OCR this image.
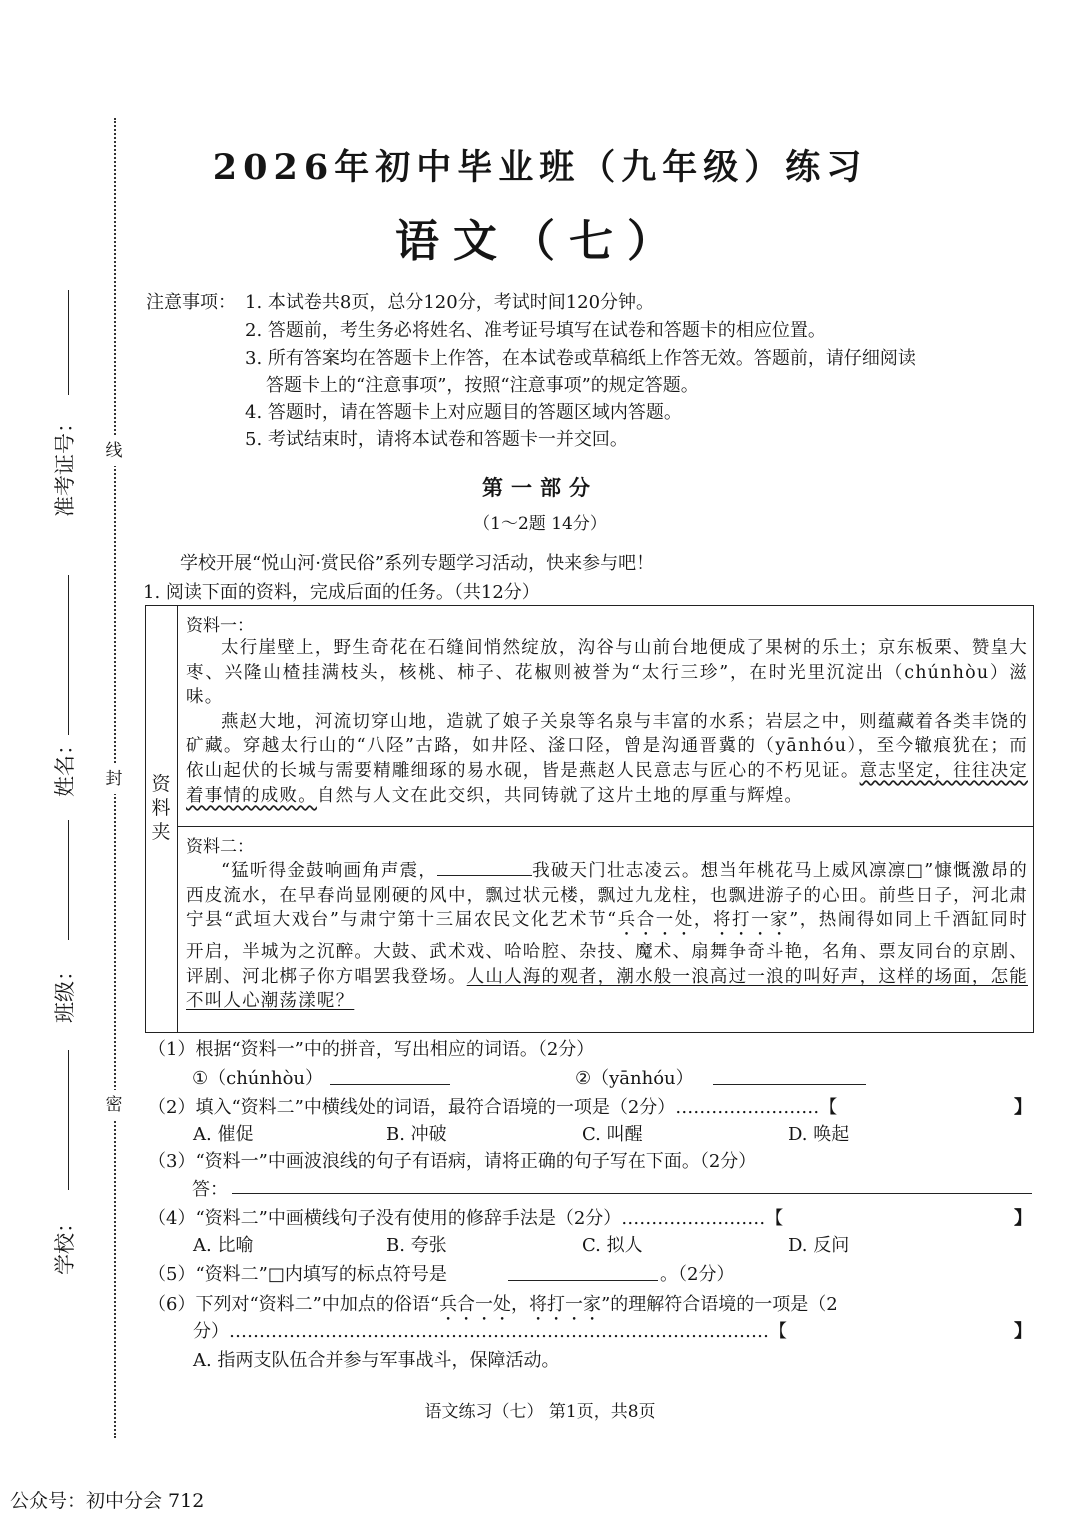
线
封
密
准考证号：
姓名：
班级：
学校：
2026年初中毕业班（九年级）练习
语文（七）
注意事项： 1. 本试卷共8页，总分120分，考试时间120分钟。
2. 答题前，考生务必将姓名、准考证号填写在试卷和答题卡的相应位置。
3. 所有答案均在答题卡上作答，在本试卷或草稿纸上作答无效。答题前，请仔细阅读
答题卡上的“注意事项”，按照“注意事项”的规定答题。
4. 答题时，请在答题卡上对应题目的答题区域内答题。
5. 考试结束时，请将本试卷和答题卡一并交回。
第一部分
（1～2题 14分）
学校开展“悦山河·赏民俗”系列专题学习活动，快来参与吧！
1. 阅读下面的资料，完成后面的任务。（共12分）
资料夹
资料一：

太行崖壁上，野生奇花在石缝间悄然绽放，沟谷与山前台地便成了果树的乐土；京东板栗、赞皇大枣、兴隆山楂挂满枝头，核桃、柿子、花椒则被誉为“太行三珍”，在时光里沉淀出（chúnhòu）滋味。

燕赵大地，河流切穿山地，造就了娘子关泉等名泉与丰富的水系；岩层之中，则蕴藏着各类丰饶的矿藏。穿越太行山的“八陉”古路，如井陉、滏口陉，曾是沟通晋冀的（yānhóu），至今辙痕犹在；而依山起伏的长城与需要精雕细琢的易水砚，皆是燕赵人民意志与匠心的不朽见证。意志坚定，往往决定着事情的成败。自然与人文在此交织，共同铸就了这片土地的厚重与辉煌。

资料二：

“猛听得金鼓响画角声震，	我破天门壮志凌云。想当年桃花马上威风凛凛□”慷慨激昂的西皮流水，在早春尚显刚硬的风中，飘过状元楼，飘过九龙柱，也飘进游子的心田。前些日子，河北肃宁县“武垣大戏台”与肃宁第十三届农民文化艺术节“兵合一处，将打一家”，热闹得如同上千酒缸同时开启，半城为之沉醉。大鼓、武术戏、哈哈腔、杂技、魔术、扇舞争奇斗艳，名角、票友同台的京剧、评剧、河北梆子你方唱罢我登场。人山人海的观者，潮水般一浪高过一浪的叫好声，这样的场面，怎能不叫人心潮荡漾呢？

（1）根据“资料一”中的拼音，写出相应的词语。（2分）
①（chúnhòu）	②（yānhóu）
（2）填入“资料二”中横线处的词语，最符合语境的一项是（2分）……………………【	】
A. 催促	B. 冲破	C. 叫醒	D. 唤起
（3）“资料一”中画波浪线的句子有语病，请将正确的句子写在下面。（2分）
答：
（4）“资料二”中画横线句子没有使用的修辞手法是（2分）……………………【	】
A. 比喻	B. 夸张	C. 拟人	D. 反问
（5）“资料二”□内填写的标点符号是	。（2分）
（6）下列对“资料二”中加点的俗语“兵合一处，将打一家”的理解符合语境的一项是（2
分）………………………………………………………………………………【	】
A. 指两支队伍合并参与军事战斗，保障活动。
语文练习（七） 第1页，共8页
公众号：初中分会 712
